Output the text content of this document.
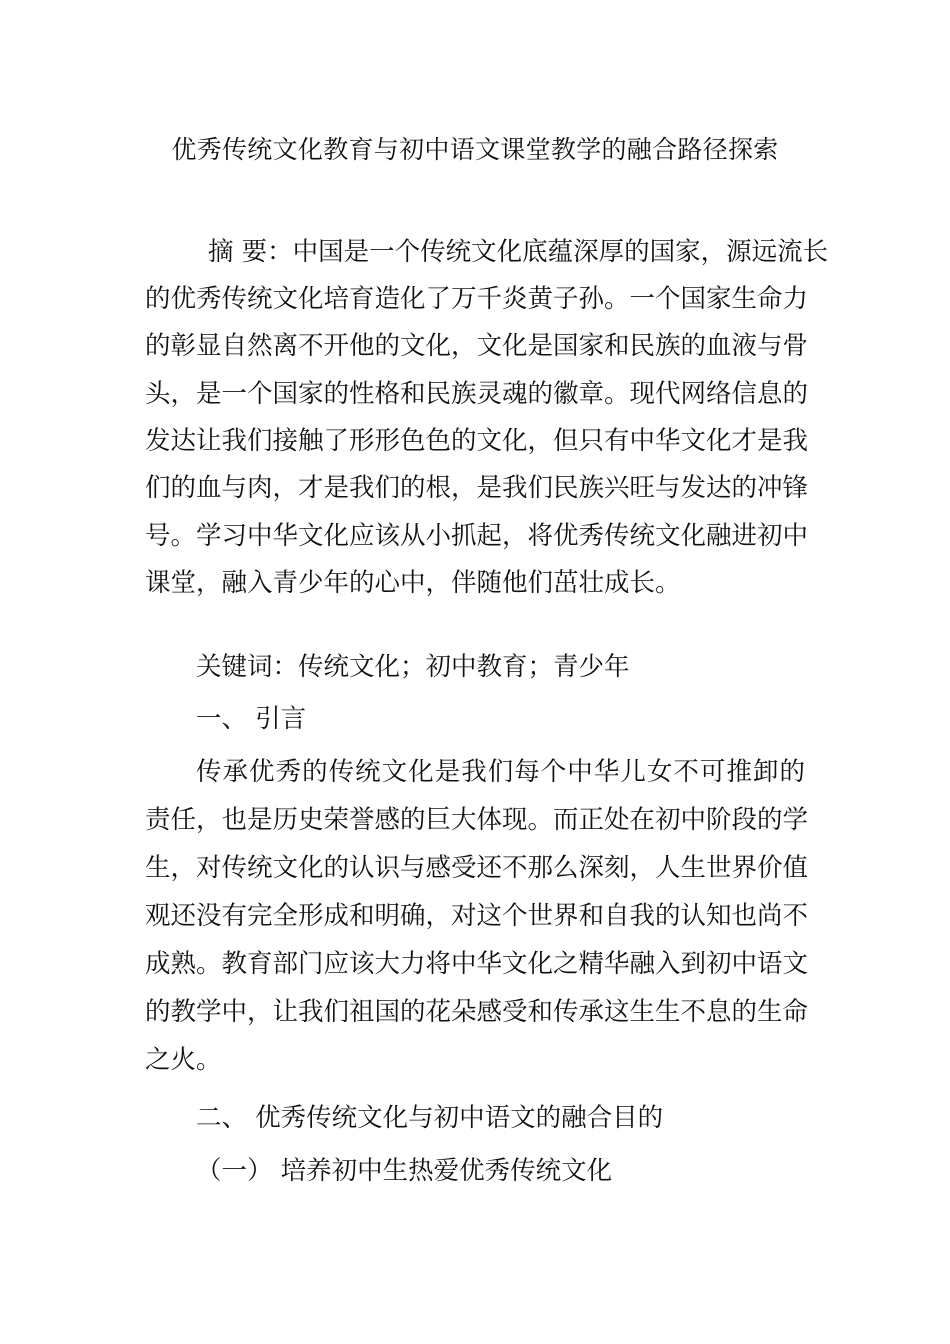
优秀传统文化教育与初中语文课堂教学的融合路径探索
摘 要：中国是一个传统文化底蕴深厚的国家，源远流长
的优秀传统文化培育造化了万千炎黄子孙。一个国家生命力
的彰显自然离不开他的文化，文化是国家和民族的血液与骨
头，是一个国家的性格和民族灵魂的徽章。现代网络信息的
发达让我们接触了形形色色的文化，但只有中华文化才是我
们的血与肉，才是我们的根，是我们民族兴旺与发达的冲锋
号。学习中华文化应该从小抓起，将优秀传统文化融进初中
课堂，融入青少年的心中，伴随他们茁壮成长。
关键词：传统文化；初中教育；青少年
一、 引言
传承优秀的传统文化是我们每个中华儿女不可推卸的
责任，也是历史荣誉感的巨大体现。而正处在初中阶段的学
生，对传统文化的认识与感受还不那么深刻，人生世界价值
观还没有完全形成和明确，对这个世界和自我的认知也尚不
成熟。教育部门应该大力将中华文化之精华融入到初中语文
的教学中，让我们祖国的花朵感受和传承这生生不息的生命
之火。
二、 优秀传统文化与初中语文的融合目的
（一） 培养初中生热爱优秀传统文化
